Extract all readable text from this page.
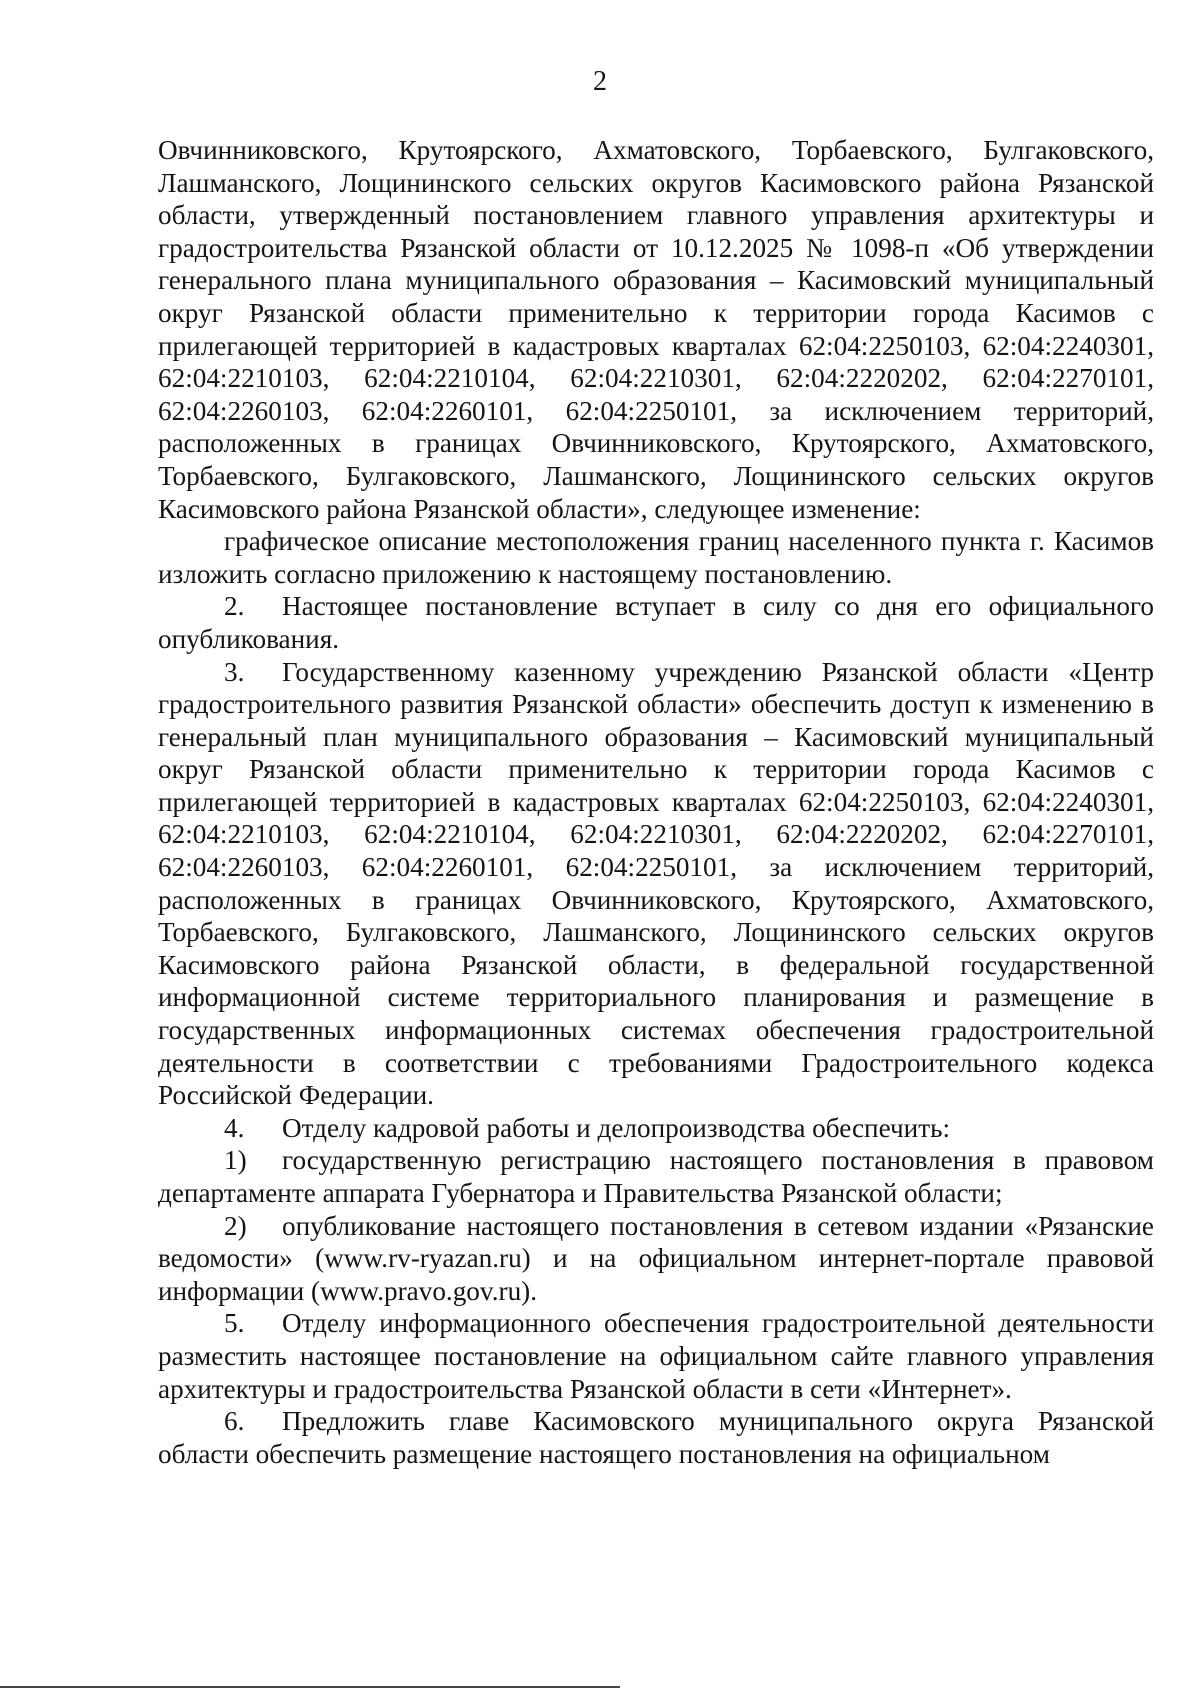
2

Овчинниковского, Крутоярского, Ахматовского, Торбаевского, Булгаковского, Лашманского, Лощининского сельских округов Касимовского района Рязанской области, утвержденный постановлением главного управления архитектуры и градостроительства Рязанской области от 10.12.2025 № 1098-п «Об утверждении генерального плана муниципального образования – Касимовский муниципальный округ Рязанской области применительно к территории города Касимов с прилегающей территорией в кадастровых кварталах 62:04:2250103, 62:04:2240301, 62:04:2210103, 62:04:2210104, 62:04:2210301, 62:04:2220202, 62:04:2270101, 62:04:2260103, 62:04:2260101, 62:04:2250101, за исключением территорий, расположенных в границах Овчинниковского, Крутоярского, Ахматовского, Торбаевского, Булгаковского, Лашманского, Лощининского сельских округов Касимовского района Рязанской области», следующее изменение:

графическое описание местоположения границ населенного пункта г. Касимов изложить согласно приложению к настоящему постановлению.

2. Настоящее постановление вступает в силу со дня его официального опубликования.

3. Государственному казенному учреждению Рязанской области «Центр градостроительного развития Рязанской области» обеспечить доступ к изменению в генеральный план муниципального образования – Касимовский муниципальный округ Рязанской области применительно к территории города Касимов с прилегающей территорией в кадастровых кварталах 62:04:2250103, 62:04:2240301, 62:04:2210103, 62:04:2210104, 62:04:2210301, 62:04:2220202, 62:04:2270101, 62:04:2260103, 62:04:2260101, 62:04:2250101, за исключением территорий, расположенных в границах Овчинниковского, Крутоярского, Ахматовского, Торбаевского, Булгаковского, Лашманского, Лощининского сельских округов Касимовского района Рязанской области, в федеральной государственной информационной системе территориального планирования и размещение в государственных информационных системах обеспечения градостроительной деятельности в соответствии с требованиями Градостроительного кодекса Российской Федерации.

4. Отделу кадровой работы и делопроизводства обеспечить:

1) государственную регистрацию настоящего постановления в правовом департаменте аппарата Губернатора и Правительства Рязанской области;

2) опубликование настоящего постановления в сетевом издании «Рязанские ведомости» (www.rv-ryazan.ru) и на официальном интернет-портале правовой информации (www.pravo.gov.ru).

5. Отделу информационного обеспечения градостроительной деятельности разместить настоящее постановление на официальном сайте главного управления архитектуры и градостроительства Рязанской области в сети «Интернет».

6. Предложить главе Касимовского муниципального округа Рязанской области обеспечить размещение настоящего постановления на официальном
